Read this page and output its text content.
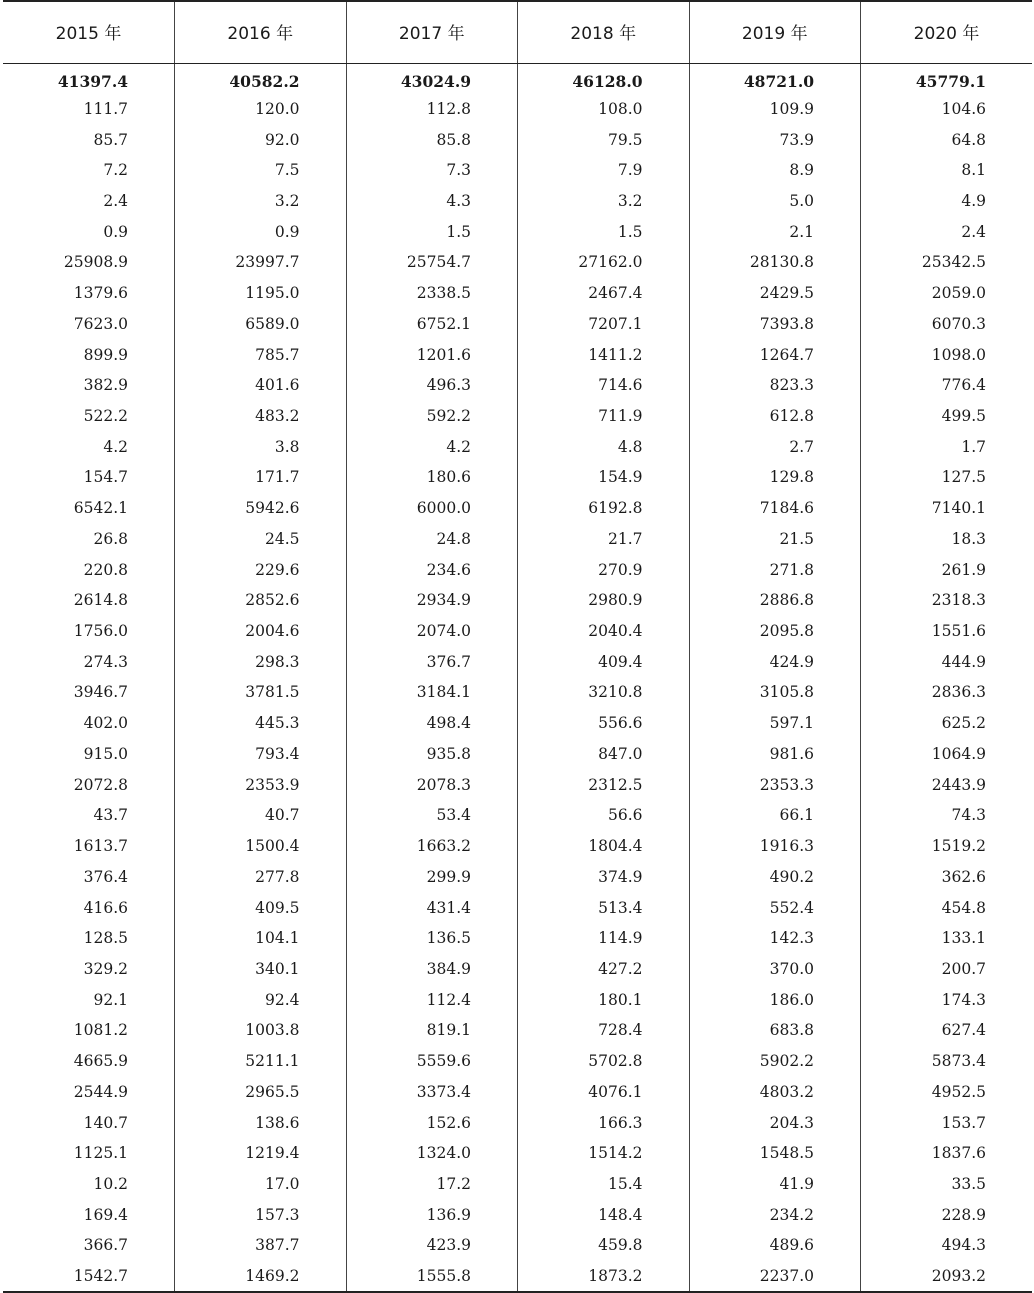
2015 年	2016 年	2017 年	2018 年	2019 年	2020 年
41397.4	40582.2	43024.9	46128.0	48721.0	45779.1
111.7	120.0	112.8	108.0	109.9	104.6
85.7	92.0	85.8	79.5	73.9	64.8
7.2	7.5	7.3	7.9	8.9	8.1
2.4	3.2	4.3	3.2	5.0	4.9
0.9	0.9	1.5	1.5	2.1	2.4
25908.9	23997.7	25754.7	27162.0	28130.8	25342.5
1379.6	1195.0	2338.5	2467.4	2429.5	2059.0
7623.0	6589.0	6752.1	7207.1	7393.8	6070.3
899.9	785.7	1201.6	1411.2	1264.7	1098.0
382.9	401.6	496.3	714.6	823.3	776.4
522.2	483.2	592.2	711.9	612.8	499.5
4.2	3.8	4.2	4.8	2.7	1.7
154.7	171.7	180.6	154.9	129.8	127.5
6542.1	5942.6	6000.0	6192.8	7184.6	7140.1
26.8	24.5	24.8	21.7	21.5	18.3
220.8	229.6	234.6	270.9	271.8	261.9
2614.8	2852.6	2934.9	2980.9	2886.8	2318.3
1756.0	2004.6	2074.0	2040.4	2095.8	1551.6
274.3	298.3	376.7	409.4	424.9	444.9
3946.7	3781.5	3184.1	3210.8	3105.8	2836.3
402.0	445.3	498.4	556.6	597.1	625.2
915.0	793.4	935.8	847.0	981.6	1064.9
2072.8	2353.9	2078.3	2312.5	2353.3	2443.9
43.7	40.7	53.4	56.6	66.1	74.3
1613.7	1500.4	1663.2	1804.4	1916.3	1519.2
376.4	277.8	299.9	374.9	490.2	362.6
416.6	409.5	431.4	513.4	552.4	454.8
128.5	104.1	136.5	114.9	142.3	133.1
329.2	340.1	384.9	427.2	370.0	200.7
92.1	92.4	112.4	180.1	186.0	174.3
1081.2	1003.8	819.1	728.4	683.8	627.4
4665.9	5211.1	5559.6	5702.8	5902.2	5873.4
2544.9	2965.5	3373.4	4076.1	4803.2	4952.5
140.7	138.6	152.6	166.3	204.3	153.7
1125.1	1219.4	1324.0	1514.2	1548.5	1837.6
10.2	17.0	17.2	15.4	41.9	33.5
169.4	157.3	136.9	148.4	234.2	228.9
366.7	387.7	423.9	459.8	489.6	494.3
1542.7	1469.2	1555.8	1873.2	2237.0	2093.2
